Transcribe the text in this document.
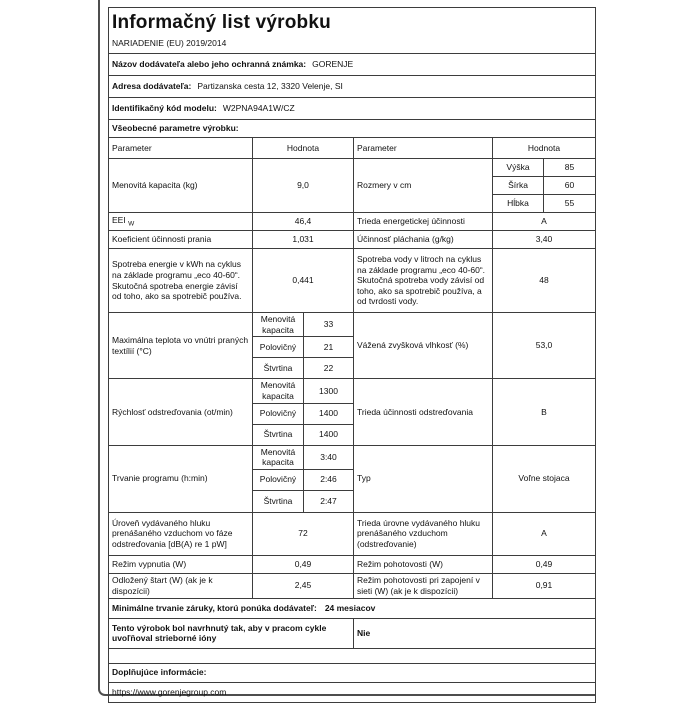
Informačný list výrobku
NARIADENIE (EU) 2019/2014

Názov dodávateľa alebo jeho ochranná známka: GORENJE					
Adresa dodávateľa: Partizanska cesta 12, 3320 Velenje, SI					
Identifikačný kód modelu: W2PNA94A1W/CZ					
Všeobecné parametre výrobku:					
Parameter	Hodnota		Parameter	Hodnota	
Menovitá kapacita (kg)	9,0		Rozmery v cm	Výška	85
				Šírka	60
				Hĺbka	55
EEI $_W$	46,4		Trieda energetickej účinnosti	A	
Koeficient účinnosti prania	1,031		Účinnosť pláchania (g/kg)	3,40	
Spotreba energie v kWh na cyklus na základe programu „eco 40-60“. Skutočná spotreba energie závisí od toho, ako sa spotrebič používa.	0,441		Spotreba vody v litroch na cyklus na základe programu „eco 40-60“. Skutočná spotreba vody závisí od toho, ako sa spotrebič používa, a od tvrdosti vody.	48	
Maximálna teplota vo vnútri praných textílií (°C)	Menovitá kapacita	33	Vážená zvyšková vlhkosť (%)	53,0	
	Polovičný	21			
	Štvrtina	22			
Rýchlosť odstreďovania (ot/min)	Menovitá kapacita	1300	Trieda účinnosti odstreďovania	B	
	Polovičný	1400			
	Štvrtina	1400			
Trvanie programu (h:min)	Menovitá kapacita	3:40	Typ	Voľne stojaca	
	Polovičný	2:46			
	Štvrtina	2:47			
Úroveň vydávaného hluku prenášaného vzduchom vo fáze odstreďovania [dB(A) re 1 pW]	72		Trieda úrovne vydávaného hluku prenášaného vzduchom (odstreďovanie)	A	
Režim vypnutia (W)	0,49		Režim pohotovosti (W)	0,49	
Odložený štart (W) (ak je k dispozícii)	2,45		Režim pohotovosti pri zapojení v sieti (W) (ak je k dispozícii)	0,91	
Minimálne trvanie záruky, ktorú ponúka dodávateľ: 24 mesiacov					
Tento výrobok bol navrhnutý tak, aby v pracom cykle uvoľňoval strieborné ióny			Nie		

Doplňujúce informácie:					
https://www.gorenjegroup.com					
